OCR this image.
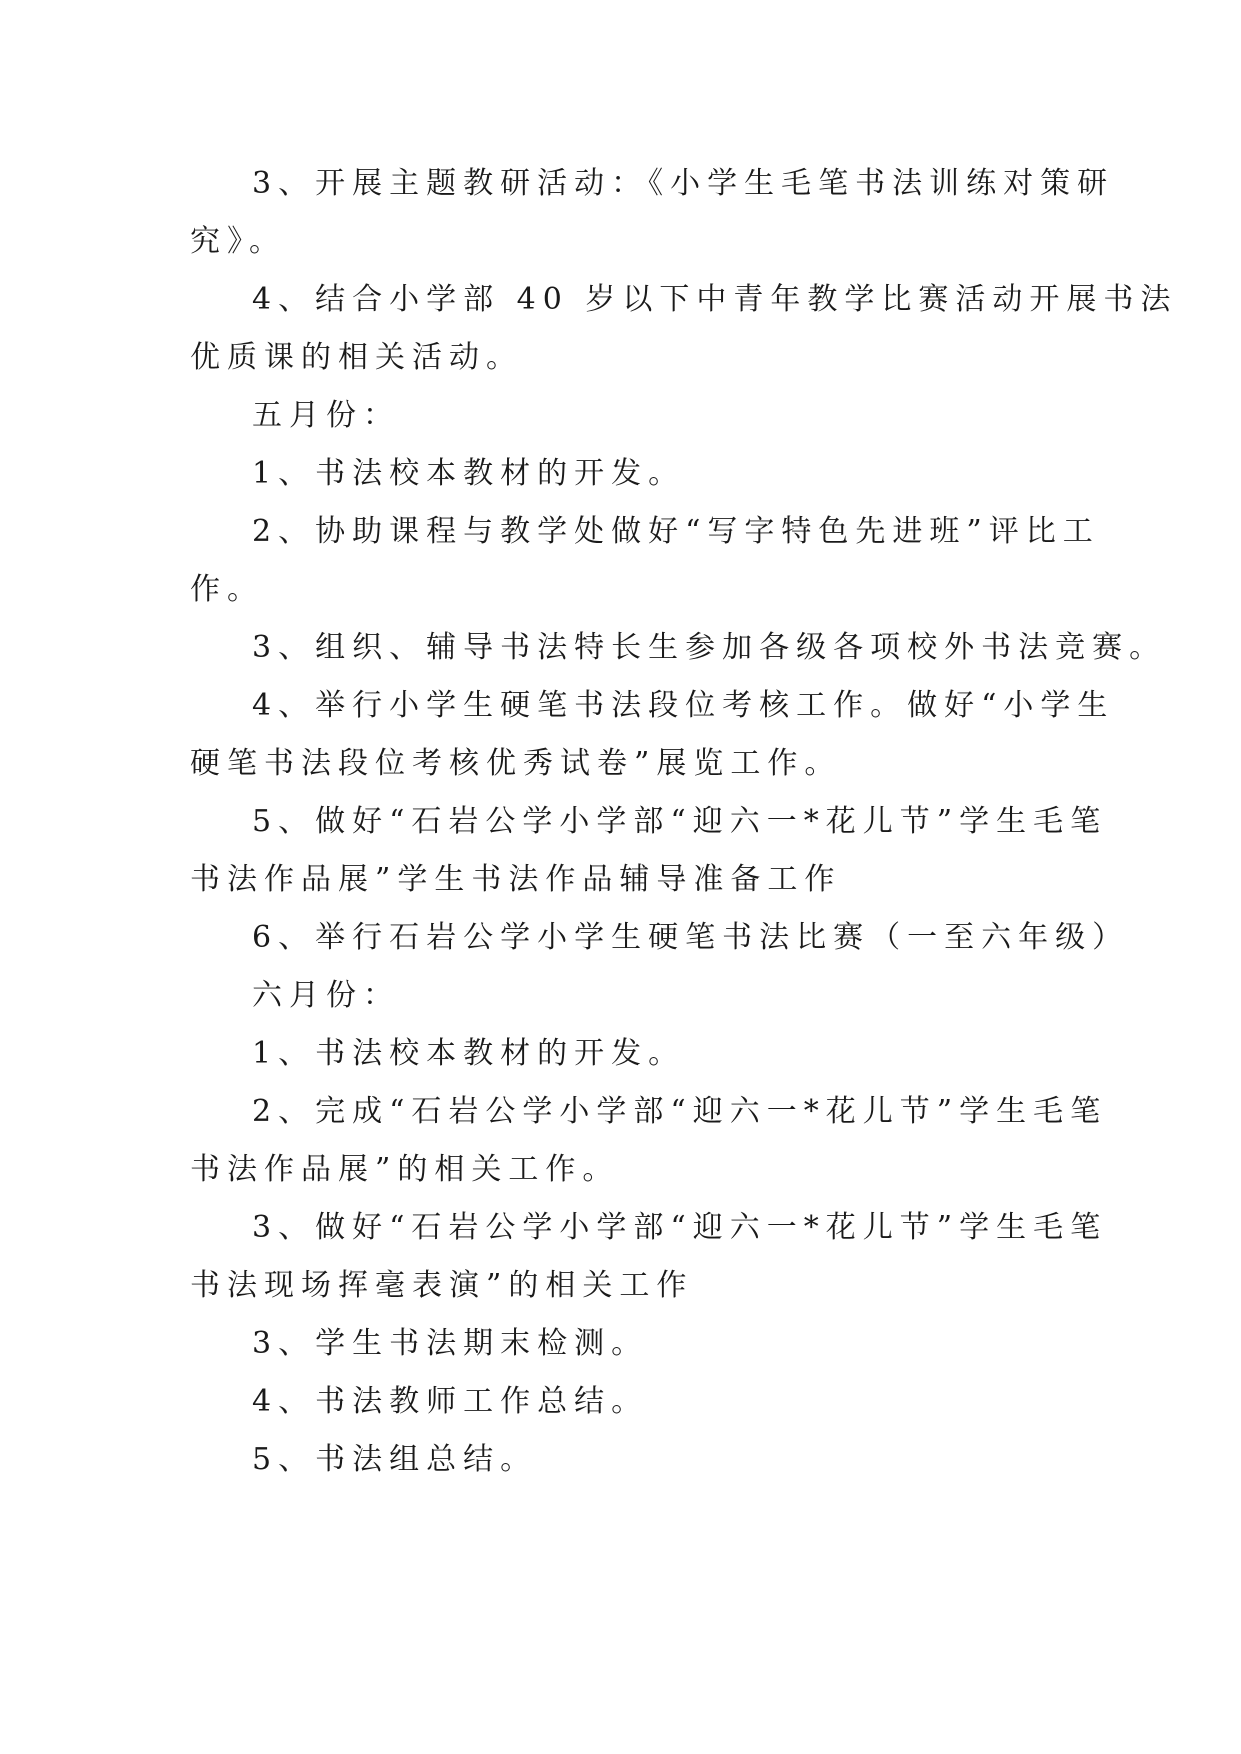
3、开展主题教研活动：《小学生毛笔书法训练对策研

究》。

4、结合小学部 40 岁以下中青年教学比赛活动开展书法

优质课的相关活动。

五月份：

1、书法校本教材的开发。

2、协助课程与教学处做好“写字特色先进班”评比工

作。

3、组织、辅导书法特长生参加各级各项校外书法竞赛。

4、举行小学生硬笔书法段位考核工作。做好“小学生

硬笔书法段位考核优秀试卷”展览工作。

5、做好“石岩公学小学部“迎六一*花儿节”学生毛笔

书法作品展”学生书法作品辅导准备工作

6、举行石岩公学小学生硬笔书法比赛（一至六年级）

六月份：

1、书法校本教材的开发。

2、完成“石岩公学小学部“迎六一*花儿节”学生毛笔

书法作品展”的相关工作。

3、做好“石岩公学小学部“迎六一*花儿节”学生毛笔

书法现场挥毫表演”的相关工作

3、学生书法期末检测。

4、书法教师工作总结。

5、书法组总结。
